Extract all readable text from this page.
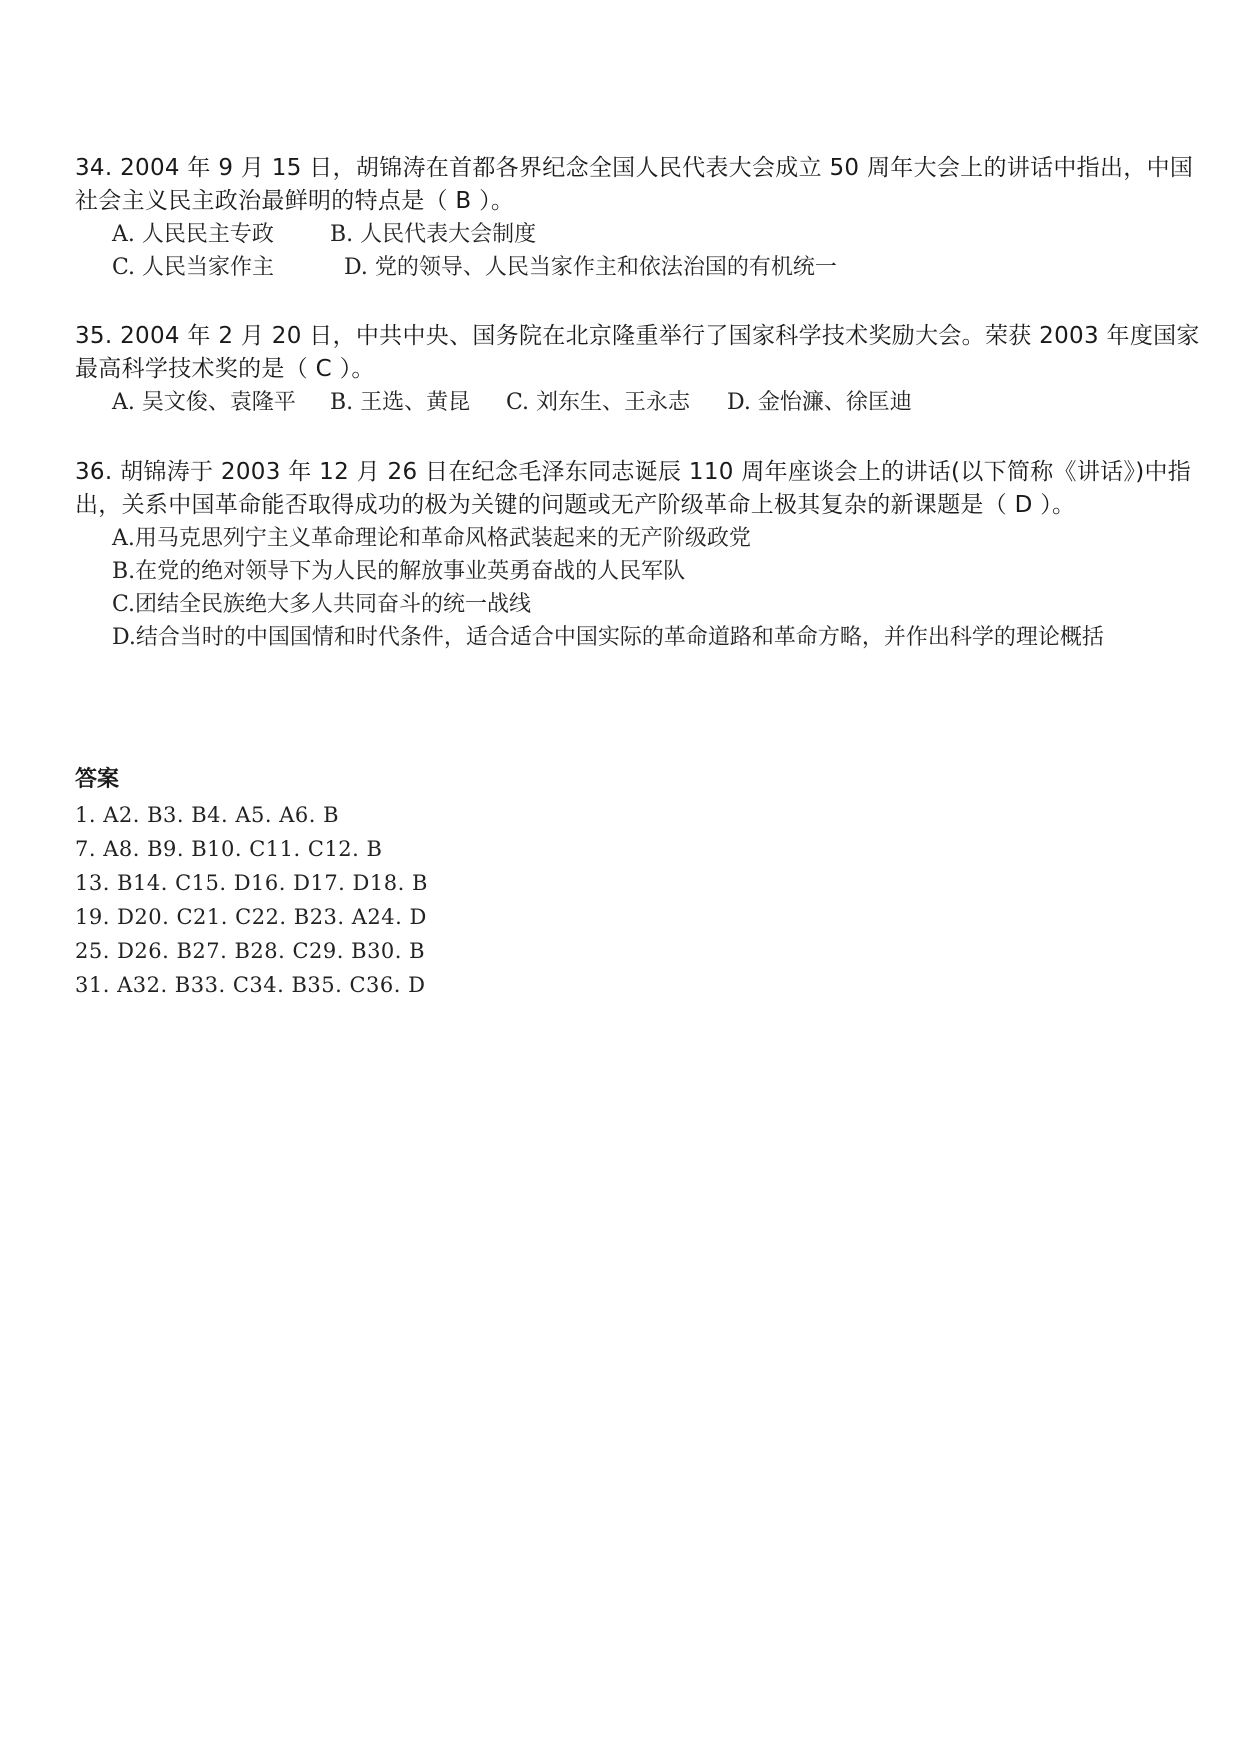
34. 2004 年 9 月 15 日，胡锦涛在首都各界纪念全国人民代表大会成立 50 周年大会上的讲话中指出，中国社会主义民主政治最鲜明的特点是（ B ）。
A. 人民民主专政	B. 人民代表大会制度
C. 人民当家作主	D. 党的领导、人民当家作主和依法治国的有机统一
35. 2004 年 2 月 20 日，中共中央、国务院在北京隆重举行了国家科学技术奖励大会。荣获 2003 年度国家最高科学技术奖的是（ C ）。
A. 吴文俊、袁隆平 B. 王选、黄昆 C. 刘东生、王永志 D. 金怡濂、徐匡迪
36. 胡锦涛于 2003 年 12 月 26 日在纪念毛泽东同志诞辰 110 周年座谈会上的讲话(以下简称《讲话》)中指出，关系中国革命能否取得成功的极为关键的问题或无产阶级革命上极其复杂的新课题是（ D ）。
A. 用马克思列宁主义革命理论和革命风格武装起来的无产阶级政党
B. 在党的绝对领导下为人民的解放事业英勇奋战的人民军队
C. 团结全民族绝大多人共同奋斗的统一战线
D. 结合当时的中国国情和时代条件，适合适合中国实际的革命道路和革命方略，并作出科学的理论概括
答案
1. A2. B3. B4. A5. A6. B
7. A8. B9. B10. C11. C12. B
13. B14. C15. D16. D17. D18. B
19. D20. C21. C22. B23. A24. D
25. D26. B27. B28. C29. B30. B
31. A32. B33. C34. B35. C36. D
